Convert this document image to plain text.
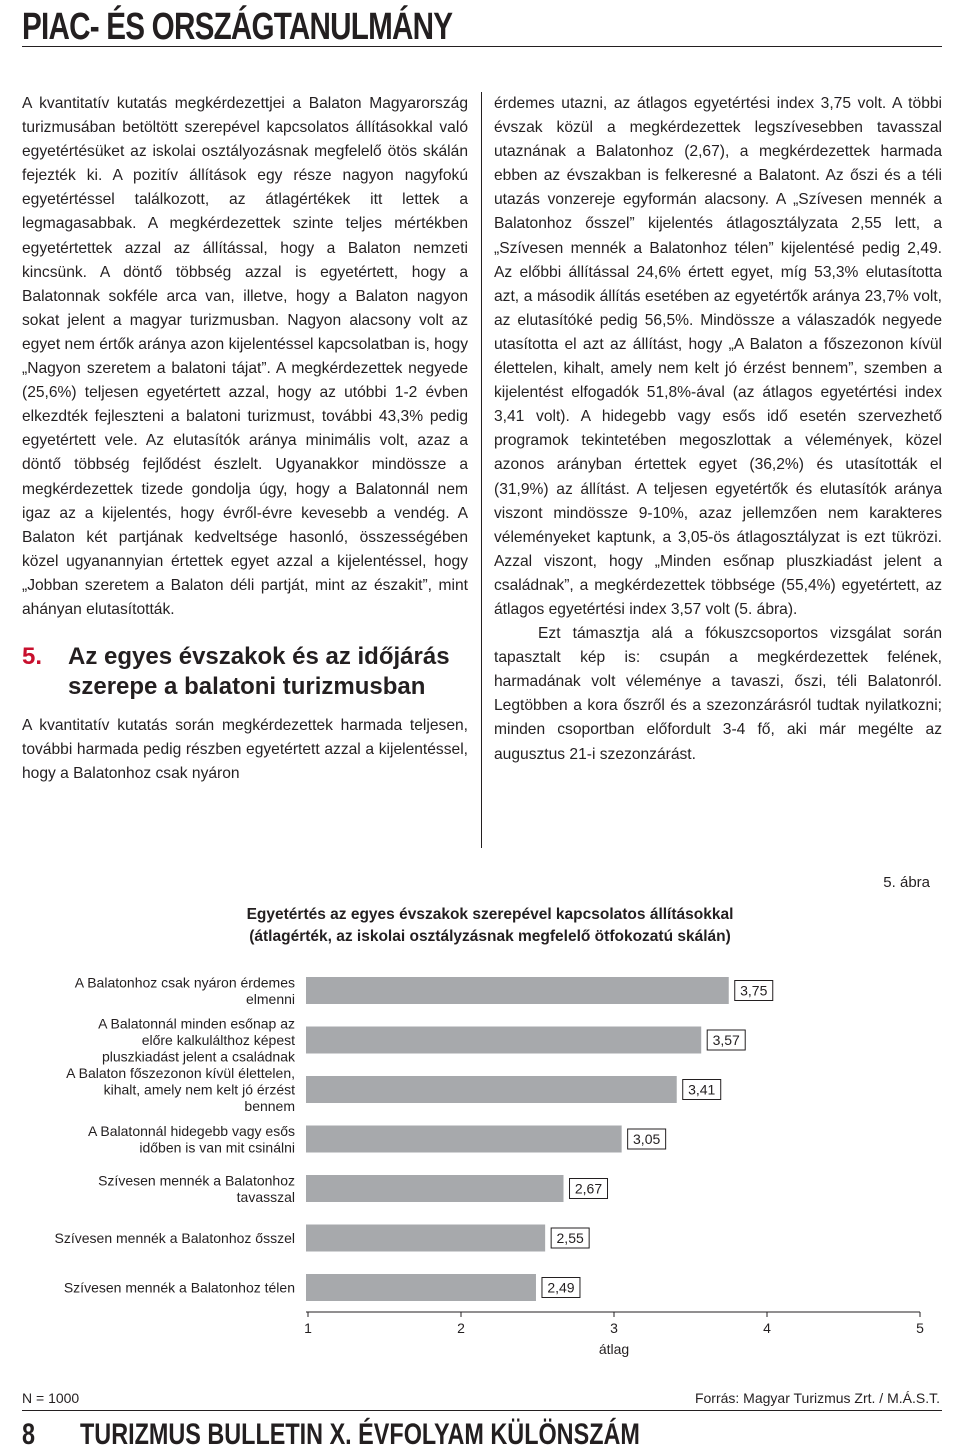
PIAC- ÉS ORSZÁGTANULMÁNY

A kvantitatív kutatás megkérdezettjei a Balaton Magyarország turizmusában betöltött szerepével kapcsolatos állításokkal való egyetértésüket az iskolai osztályozásnak megfelelő ötös skálán fejezték ki. A pozitív állítások egy része nagyon nagyfokú egyetértéssel találkozott, az átlagértékek itt lettek a legmagasabbak. A megkérdezettek szinte teljes mértékben egyetértettek azzal az állítással, hogy a Balaton nemzeti kincsünk. A döntő többség azzal is egyetértett, hogy a Balatonnak sokféle arca van, illetve, hogy a Balaton nagyon sokat jelent a magyar turizmusban. Nagyon alacsony volt az egyet nem értők aránya azon kijelentéssel kapcsolatban is, hogy „Nagyon szeretem a balatoni tájat”. A megkérdezettek negyede (25,6%) teljesen egyetértett azzal, hogy az utóbbi 1-2 évben elkezdték fejleszteni a balatoni turizmust, további 43,3% pedig egyetértett vele. Az elutasítók aránya minimális volt, azaz a döntő többség fejlődést észlelt. Ugyanakkor mindössze a megkérdezettek tizede gondolja úgy, hogy a Balatonnál nem igaz az a kijelentés, hogy évről-évre kevesebb a vendég. A Balaton két partjának kedveltsége hasonló, összességében közel ugyanannyian értettek egyet azzal a kijelentéssel, hogy „Jobban szeretem a Balaton déli partját, mint az északit”, mint ahányan elutasították.

5. Az egyes évszakok és az időjárás
szerepe a balatoni turizmusban

A kvantitatív kutatás során megkérdezettek harmada teljesen, további harmada pedig részben egyetértett azzal a kijelentéssel, hogy a Balatonhoz csak nyáron

érdemes utazni, az átlagos egyetértési index 3,75 volt. A többi évszak közül a megkérdezettek legszívesebben tavasszal utaznának a Balatonhoz (2,67), a megkérdezettek harmada ebben az évszakban is felkeresné a Balatont. Az őszi és a téli utazás vonzereje egyformán alacsony. A „Szívesen mennék a Balatonhoz ősszel” kijelentés átlagosztályzata 2,55 lett, a „Szívesen mennék a Balatonhoz télen” kijelentésé pedig 2,49. Az előbbi állítással 24,6% értett egyet, míg 53,3% elutasította azt, a második állítás esetében az egyetértők aránya 23,7% volt, az elutasítóké pedig 56,5%. Mindössze a válaszadók negyede utasította el azt az állítást, hogy „A Balaton a főszezonon kívül élettelen, kihalt, amely nem kelt jó érzést bennem”, szemben a kijelentést elfogadók 51,8%-ával (az átlagos egyetértési index 3,41 volt). A hidegebb vagy esős idő esetén szervezhető programok tekintetében megoszlottak a vélemények, közel azonos arányban értettek egyet (36,2%) és utasították el (31,9%) az állítást. A teljesen egyetértők és elutasítók aránya viszont mindössze 9-10%, azaz jellemzően nem karakteres véleményeket kaptunk, a 3,05-ös átlagosztályzat is ezt tükrözi. Azzal viszont, hogy „Minden esőnap pluszkiadást jelent a családnak”, a megkérdezettek többsége (55,4%) egyetértett, az átlagos egyetértési index 3,57 volt (5. ábra).

Ezt támasztja alá a fókuszcsoportos vizsgálat során tapasztalt kép is: csupán a megkérdezettek felének, harmadának volt véleménye a tavaszi, őszi, téli Balatonról. Legtöbben a kora őszről és a szezonzárásról tudtak nyilatkozni; minden csoportban előfordult 3-4 fő, aki már megélte az augusztus 21-i szezonzárást.

5. ábra
Egyetértés az egyes évszakok szerepével kapcsolatos állításokkal
(átlagérték, az iskolai osztályzásnak megfelelő ötfokozatú skálán)
3,75
A Balatonhoz csak nyáron érdemes
elmenni
3,57
A Balatonnál minden esőnap az
előre kalkulálthoz képest
pluszkiadást jelent a családnak
3,41
A Balaton főszezonon kívül élettelen,
kihalt, amely nem kelt jó érzést
bennem
3,05
A Balatonnál hidegebb vagy esős
időben is van mit csinálni
2,67
Szívesen mennék a Balatonhoz
tavasszal
2,55
Szívesen mennék a Balatonhoz ősszel
2,49
Szívesen mennék a Balatonhoz télen
1	2	3	4	5
átlag
N = 1000	Forrás: Magyar Turizmus Zrt. / M.Á.S.T.
8 TURIZMUS BULLETIN X. ÉVFOLYAM KÜLÖNSZÁM
